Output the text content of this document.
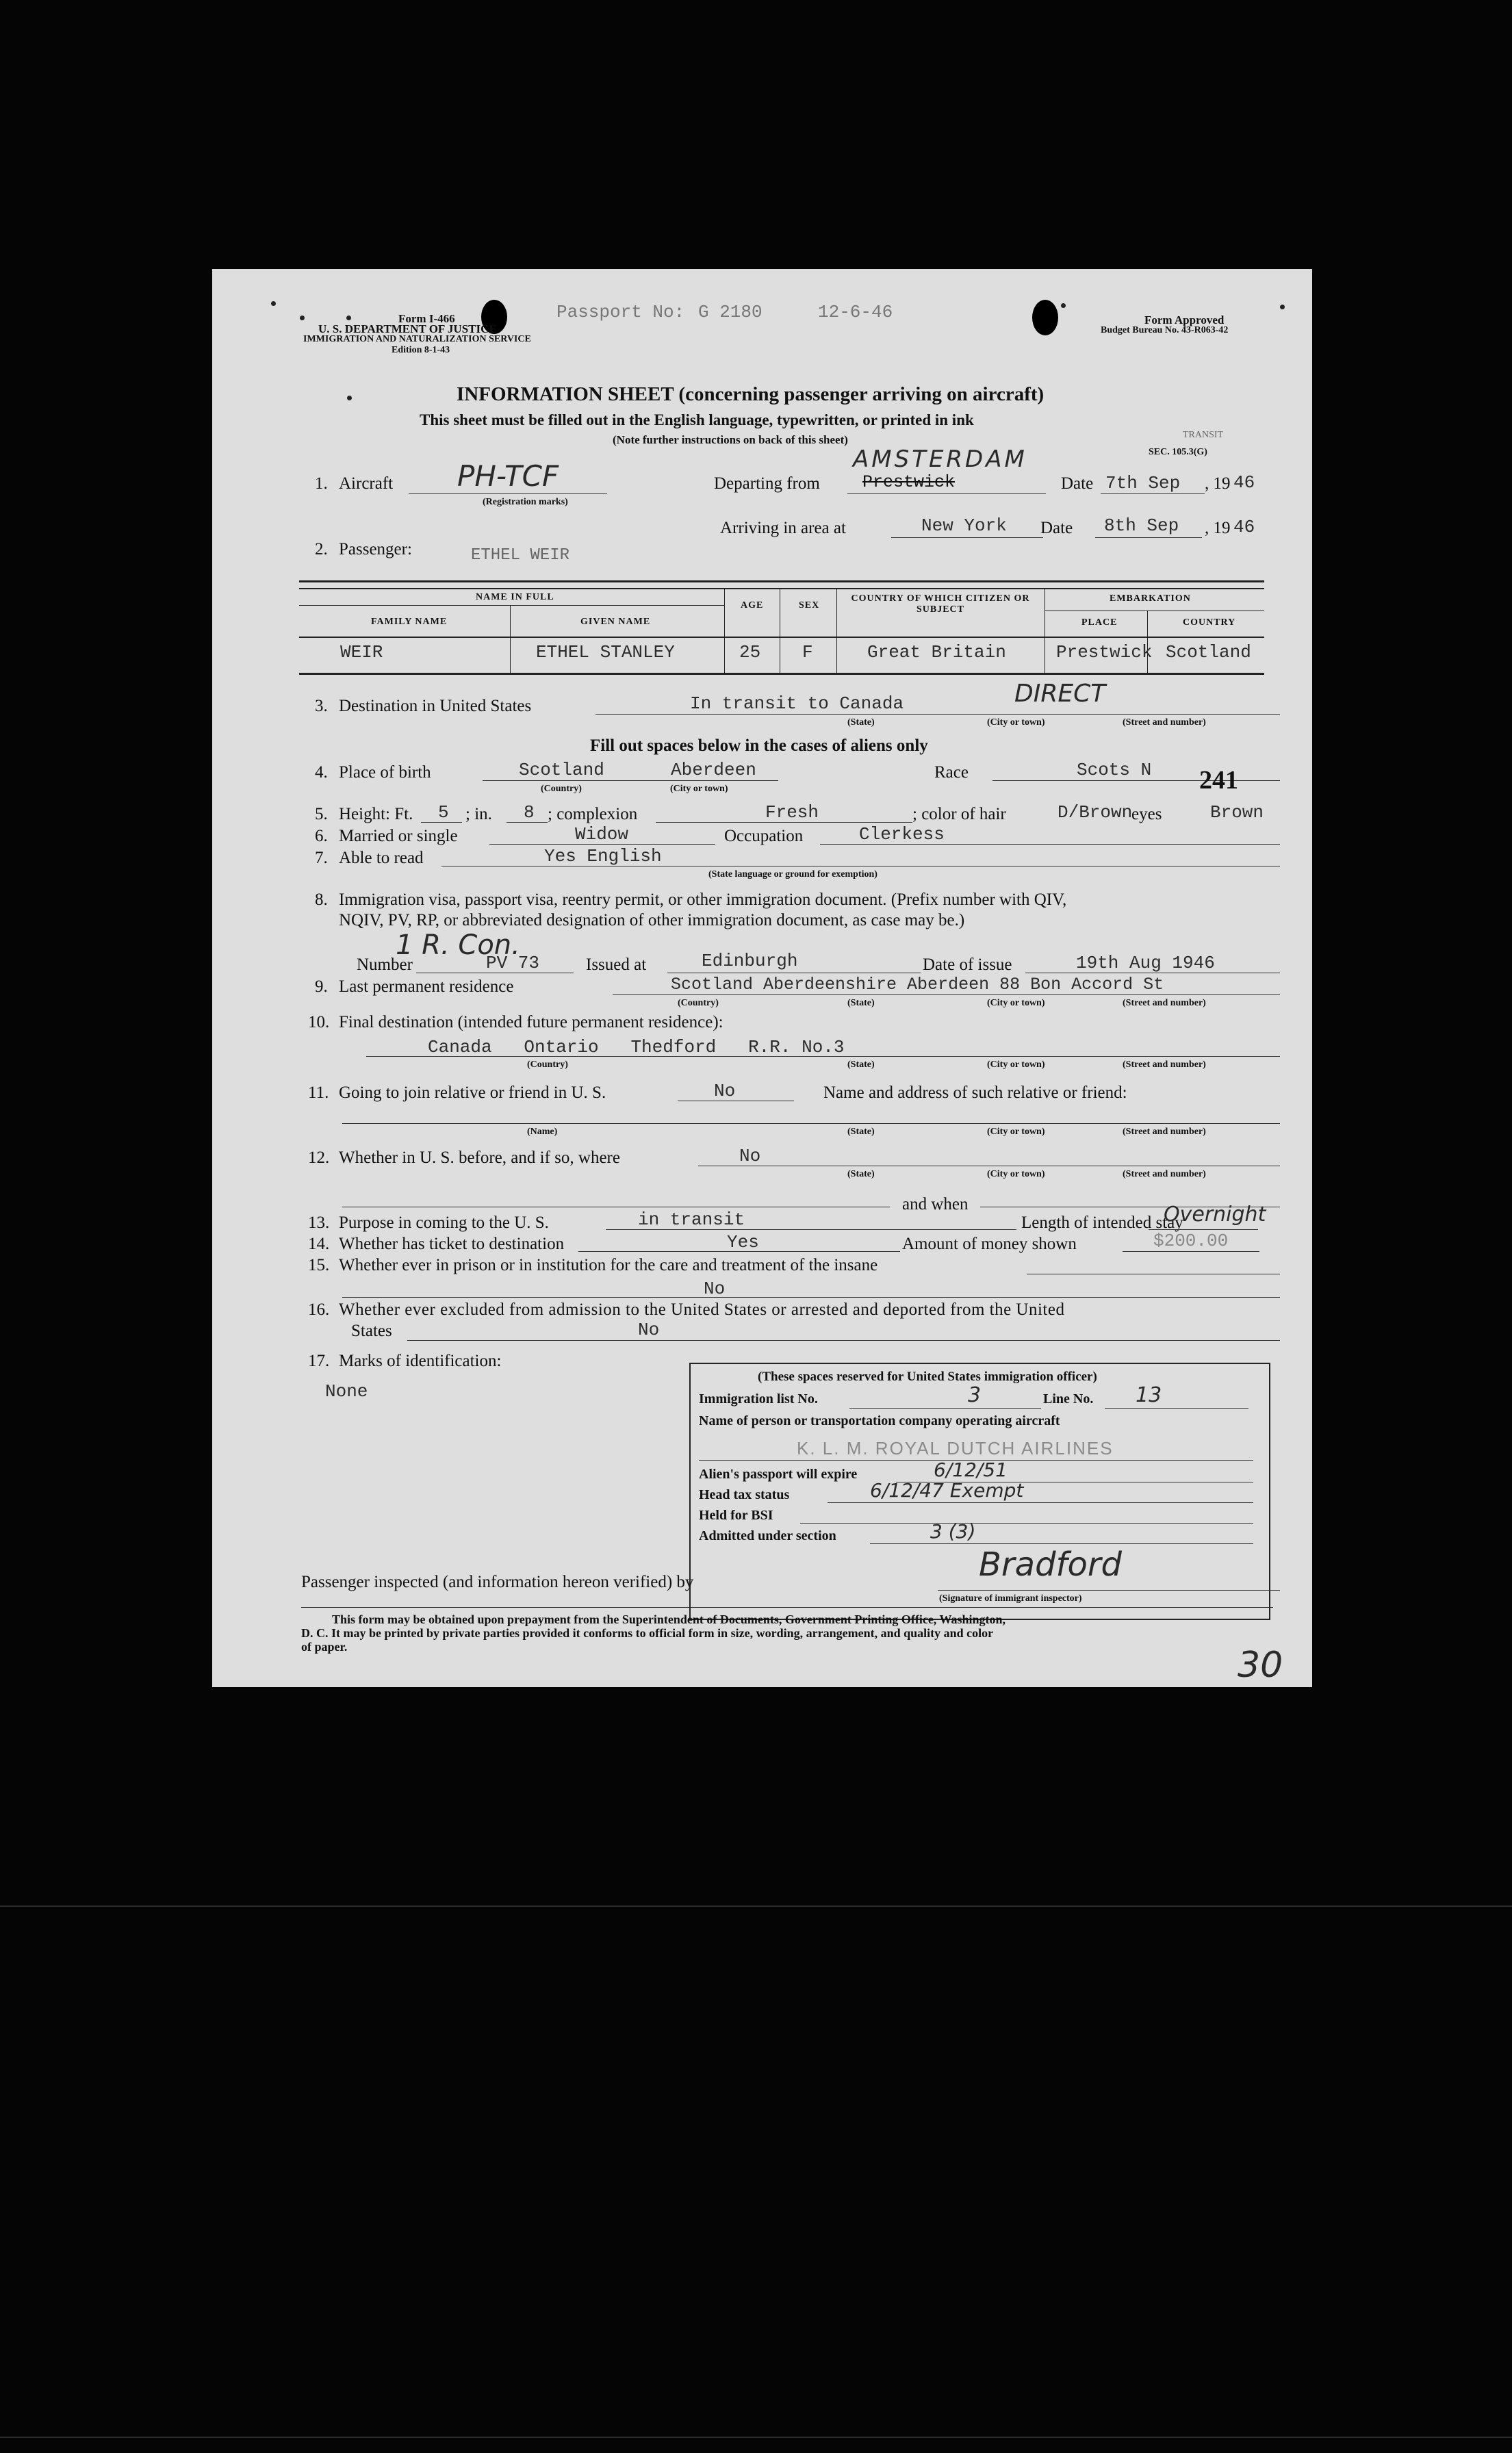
Form I-466
U. S. DEPARTMENT OF JUSTICE
IMMIGRATION AND NATURALIZATION SERVICE
Edition 8-1-43
Passport No: G 2180	12-6-46	Form Approved
Budget Bureau No. 43-R063-42
INFORMATION SHEET (concerning passenger arriving on aircraft)
This sheet must be filled out in the English language, typewritten, or printed in ink
(Note further instructions on back of this sheet)	TRANSIT
SEC. 105.3(G)
1. Aircraft PH-TCF
(Registration marks)
Departing from Prestwick
AMSTERDAM
Date 7th Sep , 19 46
Arriving in area at	New York Date 8th Sep , 19 46
2. Passenger:	ETHEL WEIR
NAME IN FULL
FAMILY NAME	GIVEN NAME
AGE	SEX
COUNTRY OF WHICH CITIZEN OR SUBJECT
EMBARKATION
PLACE	COUNTRY
WEIR	ETHEL STANLEY	25 F	Great Britain	Prestwick Scotland
3. Destination in United States	In transit to Canada	DIRECT
(State)	(City or town)	(Street and number)
Fill out spaces below in the cases of aliens only
4. Place of birth	Scotland	Aberdeen
(Country)	(City or town)
Race	Scots N 241
5. Height: Ft. 5 ; in. 8 ; complexion	Fresh	; color of hair	D/Brown
eyes	Brown
6. Married or single	Widow	Occupation	Clerkess
7. Able to read	Yes English
(State language or ground for exemption)
8. Immigration visa, passport visa, reentry permit, or other immigration document. (Prefix number with QIV,
NQIV, PV, RP, or abbreviated designation of other immigration document, as case may be.)
1 R. Con.
Number	PV 73	Issued at	Edinburgh	Date of issue	19th Aug 1946
9. Last permanent residence	Scotland Aberdeenshire Aberdeen 88 Bon Accord St
(Country)	(State)	(City or town)	(Street and number)
10. Final destination (intended future permanent residence):
Canada   Ontario   Thedford   R.R. No.3
(Country)	(State)	(City or town)	(Street and number)
11. Going to join relative or friend in U. S.	No	Name and address of such relative or friend:
(Name)	(State)	(City or town)	(Street and number)
12. Whether in U. S. before, and if so, where	No
(State)	(City or town)	(Street and number)
and when
13. Purpose in coming to the U. S.	in transit	Length of intended stay
Overnight
14. Whether has ticket to destination	Yes	Amount of money shown	$200.00
15. Whether ever in prison or in institution for the care and treatment of the insane
No
16. Whether ever excluded from admission to the United States or arrested and deported from the United
States	No
17. Marks of identification:
None
(These spaces reserved for United States immigration officer)
Immigration list No.	3	Line No. 13
Name of person or transportation company operating aircraft
K. L. M. ROYAL DUTCH AIRLINES
Alien's passport will expire	6/12/51
Head tax status	6/12/47 Exempt
Held for BSI
Admitted under section	3 (3)
Passenger inspected (and information hereon verified) by	Bradford
(Signature of immigrant inspector)
This form may be obtained upon prepayment from the Superintendent of Documents, Government Printing Office, Washington,
D. C. It may be printed by private parties provided it conforms to official form in size, wording, arrangement, and quality and color
of paper.	30
